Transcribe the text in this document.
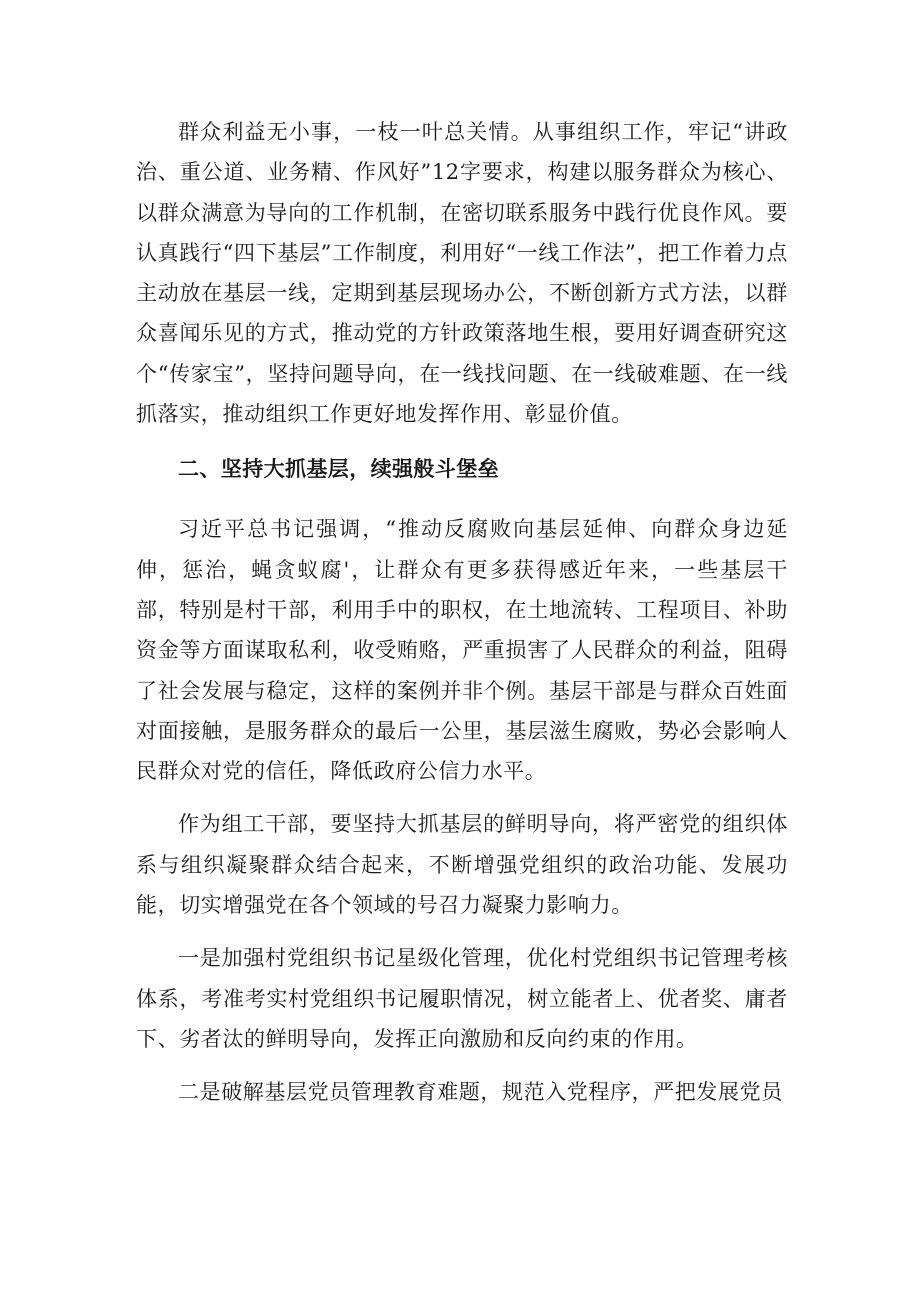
群众利益无小事，一枝一叶总关情。从事组织工作，牢记“讲政治、重公道、业务精、作风好”12字要求，构建以服务群众为核心、以群众满意为导向的工作机制，在密切联系服务中践行优良作风。要认真践行“四下基层”工作制度，利用好“一线工作法”，把工作着力点主动放在基层一线，定期到基层现场办公，不断创新方式方法，以群众喜闻乐见的方式，推动党的方针政策落地生根，要用好调查研究这个“传家宝”，坚持问题导向，在一线找问题、在一线破难题、在一线抓落实，推动组织工作更好地发挥作用、彰显价值。

二、坚持大抓基层，续强般斗堡垒

习近平总书记强调，“推动反腐败向基层延伸、向群众身边延伸，惩治，蝇贪蚁腐'，让群众有更多获得感近年来，一些基层干部，特别是村干部，利用手中的职权，在土地流转、工程项目、补助资金等方面谋取私利，收受贿赂，严重损害了人民群众的利益，阻碍了社会发展与稳定，这样的案例并非个例。基层干部是与群众百姓面对面接触，是服务群众的最后一公里，基层滋生腐败，势必会影响人民群众对党的信任，降低政府公信力水平。

作为组工干部，要坚持大抓基层的鲜明导向，将严密党的组织体系与组织凝聚群众结合起来，不断增强党组织的政治功能、发展功能，切实增强党在各个领域的号召力凝聚力影响力。

一是加强村党组织书记星级化管理，优化村党组织书记管理考核体系，考准考实村党组织书记履职情况，树立能者上、优者奖、庸者下、劣者汰的鲜明导向，发挥正向激励和反向约束的作用。

二是破解基层党员管理教育难题，规范入党程序，严把发展党员
